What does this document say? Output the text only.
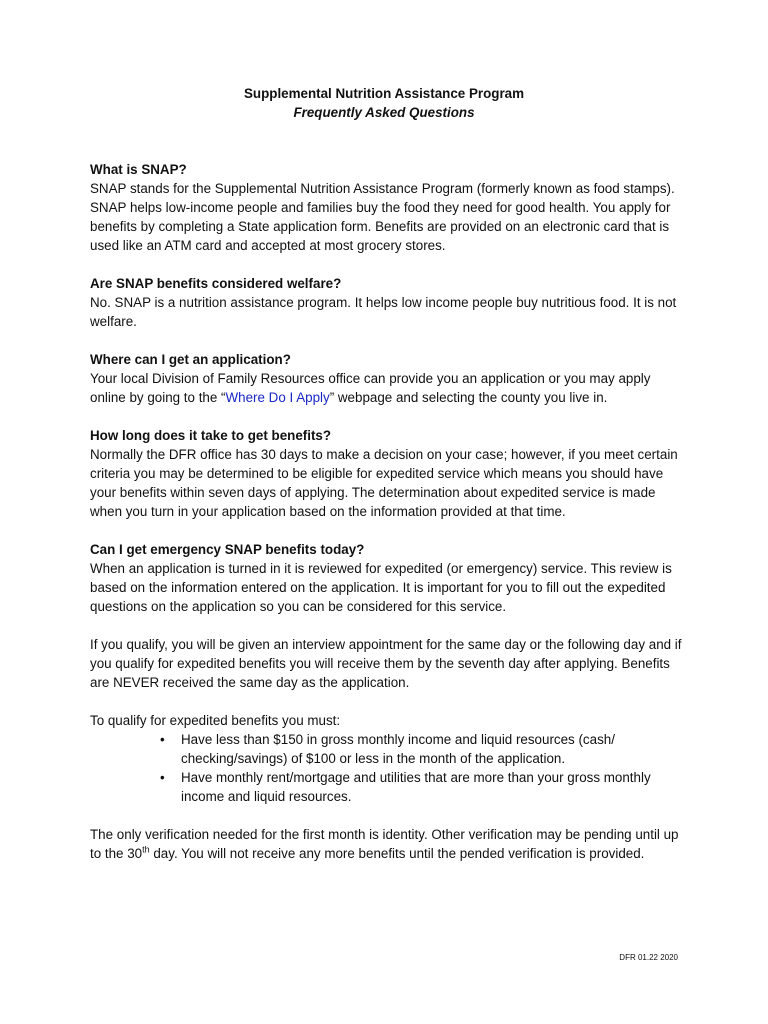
Supplemental Nutrition Assistance Program
Frequently Asked Questions

What is SNAP?

SNAP stands for the Supplemental Nutrition Assistance Program (formerly known as food stamps). SNAP helps low-income people and families buy the food they need for good health. You apply for benefits by completing a State application form. Benefits are provided on an electronic card that is used like an ATM card and accepted at most grocery stores.

Are SNAP benefits considered welfare?

No. SNAP is a nutrition assistance program. It helps low income people buy nutritious food. It is not welfare.

Where can I get an application?

Your local Division of Family Resources office can provide you an application or you may apply online by going to the “Where Do I Apply” webpage and selecting the county you live in.

How long does it take to get benefits?

Normally the DFR office has 30 days to make a decision on your case; however, if you meet certain criteria you may be determined to be eligible for expedited service which means you should have your benefits within seven days of applying. The determination about expedited service is made when you turn in your application based on the information provided at that time.

Can I get emergency SNAP benefits today?

When an application is turned in it is reviewed for expedited (or emergency) service. This review is based on the information entered on the application. It is important for you to fill out the expedited questions on the application so you can be considered for this service.

If you qualify, you will be given an interview appointment for the same day or the following day and if you qualify for expedited benefits you will receive them by the seventh day after applying. Benefits are NEVER received the same day as the application.

To qualify for expedited benefits you must:

• Have less than $150 in gross monthly income and liquid resources (cash/ checking/savings) of $100 or less in the month of the application.
• Have monthly rent/mortgage and utilities that are more than your gross monthly income and liquid resources.

The only verification needed for the first month is identity. Other verification may be pending until up to the 30th day. You will not receive any more benefits until the pended verification is provided.

DFR 01.22 2020
